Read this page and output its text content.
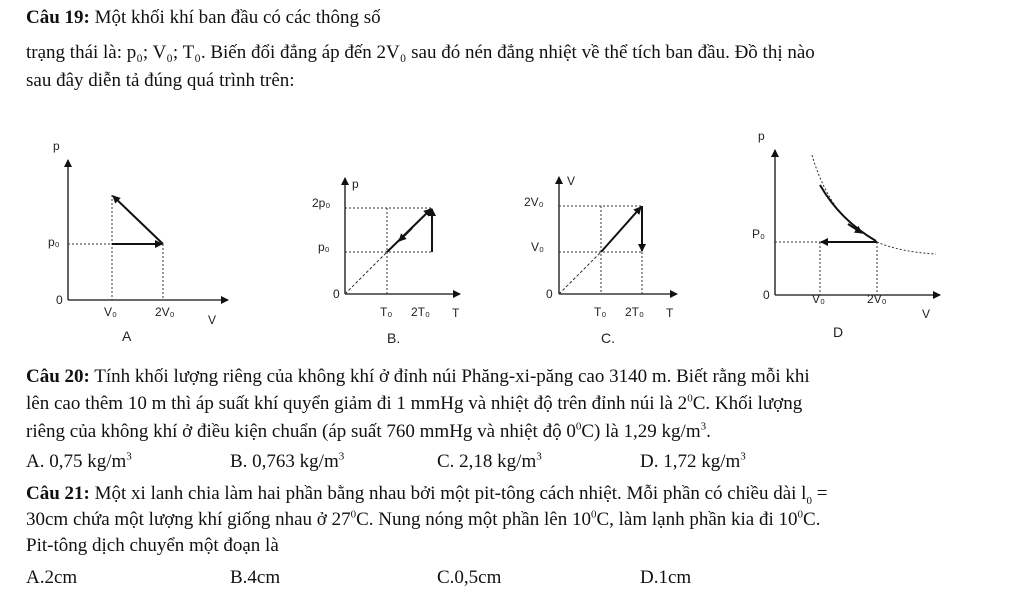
Câu 19: Một khối khí ban đầu có các thông số
trạng thái là: p₀; V₀; T₀. Biến đổi đẳng áp đến 2V₀ sau đó nén đẳng nhiệt về thể tích ban đầu. Đồ thị nào
sau đây diễn tả đúng quá trình trên:
p
p₀
0
V₀	2V₀
V
A
p
2p₀
p₀
0
T₀ 2T₀ T
B.
V
2V₀
V₀
0
T₀ 2T₀ T
C.
p
P₀
0	V₀	2V₀
V
D
Câu 20: Tính khối lượng riêng của không khí ở đỉnh núi Phăng-xi-păng cao 3140 m. Biết rằng mỗi khi
lên cao thêm 10 m thì áp suất khí quyển giảm đi 1 mmHg và nhiệt độ trên đỉnh núi là $2^0C$. Khối lượng
riêng của không khí ở điều kiện chuẩn (áp suất 760 mmHg và nhiệt độ $0^0C$) là 1,29 $kg/m^3$.
A. 0,75 $kg/m^3$	B. 0,763 $kg/m^3$	C. 2,18 $kg/m^3$	D. 1,72 $kg/m^3$
Câu 21: Một xi lanh chia làm hai phần bằng nhau bởi một pit-tông cách nhiệt. Mỗi phần có chiều dài $l_0$ =
30cm chứa một lượng khí giống nhau ở $27^0C$. Nung nóng một phần lên $10^0C$, làm lạnh phần kia đi $10^0C$.
Pit-tông dịch chuyển một đoạn là
A.2cm	B.4cm	C.0,5cm	D.1cm
